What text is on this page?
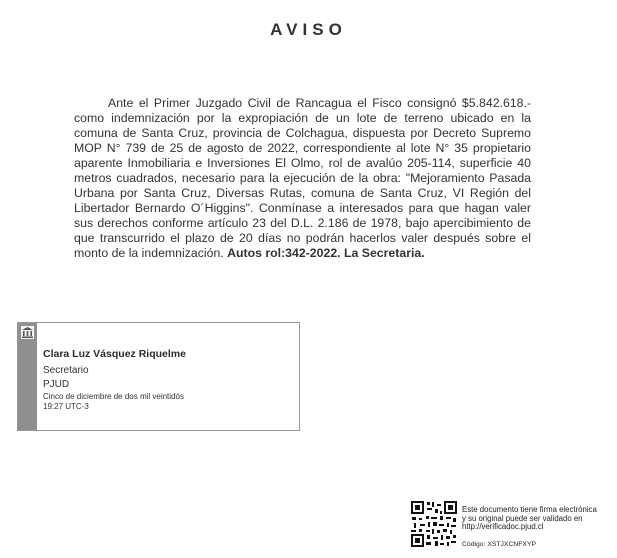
AVISO
Ante el Primer Juzgado Civil de Rancagua el Fisco consignó $5.842.618.- como indemnización por la expropiación de un lote de terreno ubicado en la comuna de Santa Cruz, provincia de Colchagua, dispuesta por Decreto Supremo MOP N° 739 de 25 de agosto de 2022, correspondiente al lote N° 35 propietario aparente Inmobiliaria e Inversiones El Olmo, rol de avalúo 205-114, superficie 40 metros cuadrados, necesario para la ejecución de la obra: "Mejoramiento Pasada Urbana por Santa Cruz, Diversas Rutas, comuna de Santa Cruz, VI Región del Libertador Bernardo O´Higgins". Conmínase a interesados para que hagan valer sus derechos conforme artículo 23 del D.L. 2.186 de 1978, bajo apercibimiento de que transcurrido el plazo de 20 días no podrán hacerlos valer después sobre el monto de la indemnización. Autos rol:342-2022. La Secretaria.
Clara Luz Vásquez Riquelme
Secretario
PJUD
Cinco de diciembre de dos mil veintidós
19:27 UTC-3
Este documento tiene firma electrónica
y su original puede ser validado en
http://verificadoc.pjud.cl
Código: XSTJXCNFXYP
